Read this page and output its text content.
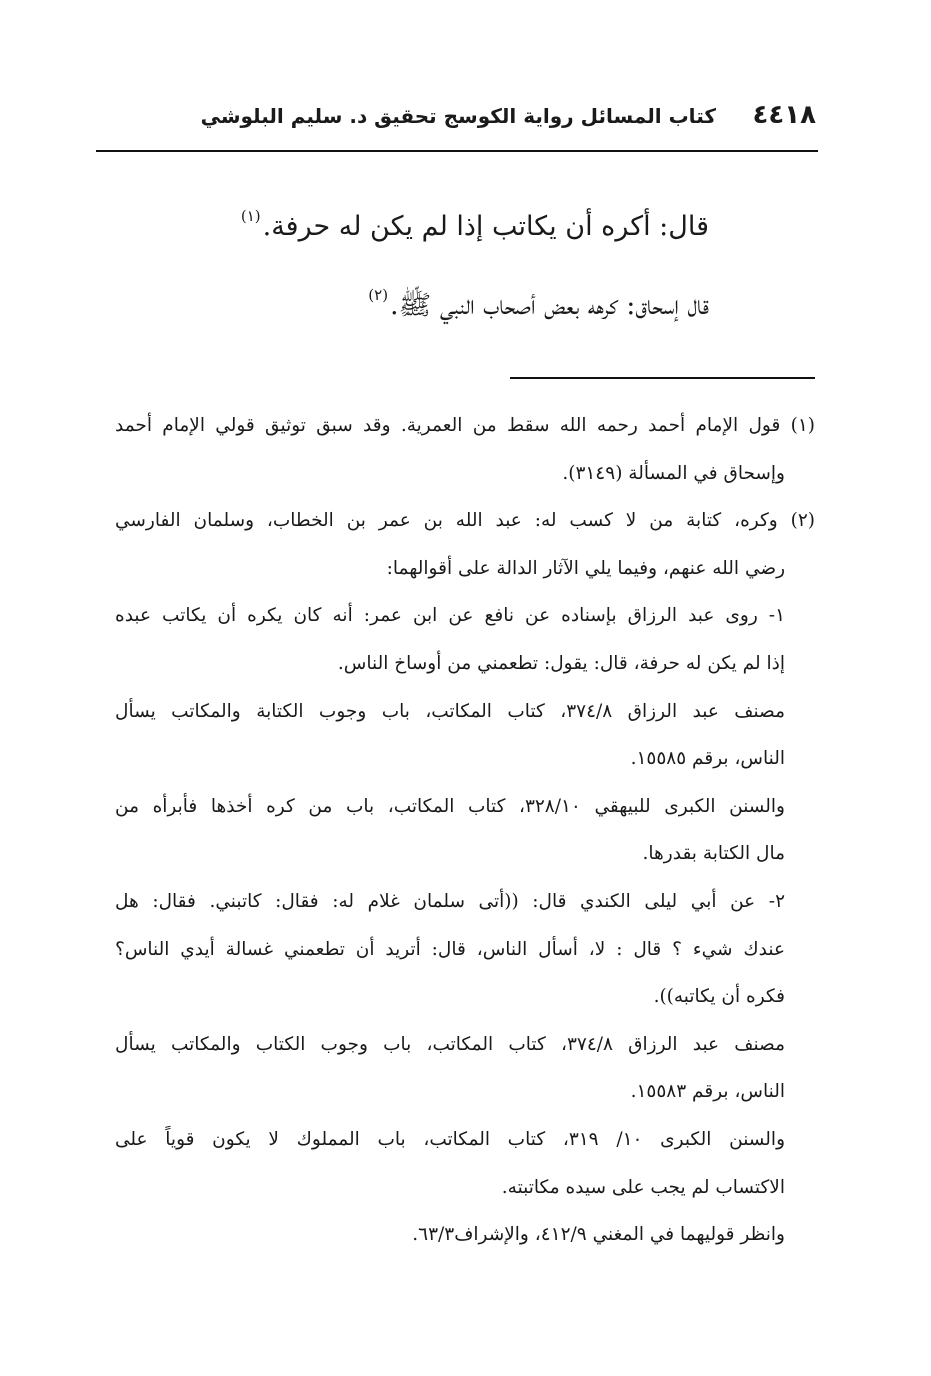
٤٤١٨
كتاب المسائل رواية الكوسج تحقيق د. سليم البلوشي
قال: أكره أن يكاتب إذا لم يكن له حرفة.$^{(١)}$
قال إسحاق: كرهه بعض أصحاب النبي ﷺ.$^{(٢)}$
(١) قول الإمام أحمد رحمه الله سقط من العمرية. وقد سبق توثيق قولي الإمام أحمد
وإسحاق في المسألة (٣١٤٩).
(٢) وكره، كتابة من لا كسب له: عبد الله بن عمر بن الخطاب، وسلمان الفارسي
رضي الله عنهم، وفيما يلي الآثار الدالة على أقوالهما:
١- روى عبد الرزاق بإسناده عن نافع عن ابن عمر: أنه كان يكره أن يكاتب عبده
إذا لم يكن له حرفة، قال: يقول: تطعمني من أوساخ الناس.
مصنف عبد الرزاق ٣٧٤/٨، كتاب المكاتب، باب وجوب الكتابة والمكاتب يسأل
الناس، برقم ١٥٥٨٥.
والسنن الكبرى للبيهقي ٣٢٨/١٠، كتاب المكاتب، باب من كره أخذها فأبرأه من
مال الكتابة بقدرها.
٢- عن أبي ليلى الكندي قال: ((أتى سلمان غلام له: فقال: كاتبني. فقال: هل
عندك شيء ؟ قال : لا، أسأل الناس، قال: أتريد أن تطعمني غسالة أيدي الناس؟
فكره أن يكاتبه)).
مصنف عبد الرزاق ٣٧٤/٨، كتاب المكاتب، باب وجوب الكتاب والمكاتب يسأل
الناس، برقم ١٥٥٨٣.
والسنن الكبرى ١٠/ ٣١٩، كتاب المكاتب، باب المملوك لا يكون قوياً على
الاكتساب لم يجب على سيده مكاتبته.
وانظر قوليهما في المغني ٤١٢/٩، والإشراف٦٣/٣.
